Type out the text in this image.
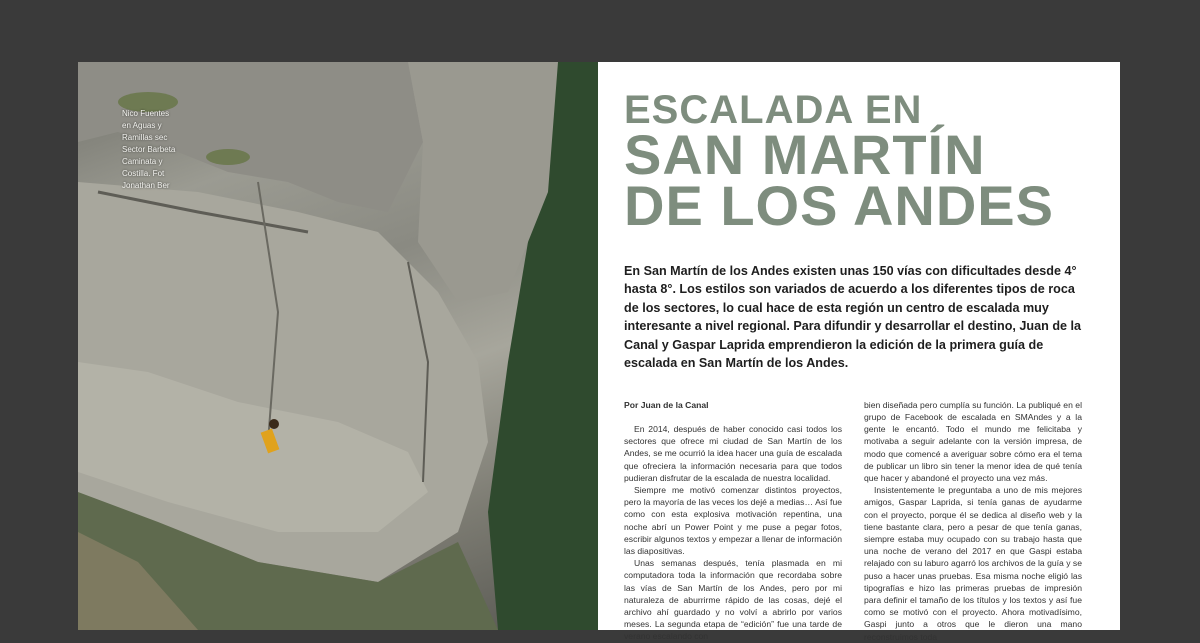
Nico Fuentes
en Aguas y
Ramillas sec
Sector Barbeta
Caminata y
Costilla. Fot
Jonathan Ber
ESCALADA EN
SAN MARTÍN
DE LOS ANDES
En San Martín de los Andes existen unas 150 vías con dificultades desde 4° hasta 8°. Los estilos son variados de acuerdo a los diferentes tipos de roca de los sectores, lo cual hace de esta región un centro de escalada muy interesante a nivel regional. Para difundir y desarrollar el destino, Juan de la Canal y Gaspar Laprida emprendieron la edición de la primera guía de escalada en San Martín de los Andes.
Por Juan de la Canal

En 2014, después de haber conocido casi todos los sectores que ofrece mi ciudad de San Martín de los Andes, se me ocurrió la idea hacer una guía de escalada que ofreciera la información necesaria para que todos pudieran disfrutar de la escalada de nuestra localidad.

Siempre me motivó comenzar distintos proyectos, pero la mayoría de las veces los dejé a medias… Así fue como con esta explosiva motivación repentina, una noche abrí un Power Point y me puse a pegar fotos, escribir algunos textos y empezar a llenar de información las diapositivas.

Unas semanas después, tenía plasmada en mi computadora toda la información que recordaba sobre las vías de San Martín de los Andes, pero por mi naturaleza de aburrirme rápido de las cosas, dejé el archivo ahí guardado y no volví a abrirlo por varios meses. La segunda etapa de “edición” fue una tarde de verano escalando con

bien diseñada pero cumplía su función. La publiqué en el grupo de Facebook de escalada en SMAndes y a la gente le encantó. Todo el mundo me felicitaba y motivaba a seguir adelante con la versión impresa, de modo que comencé a averiguar sobre cómo era el tema de publicar un libro sin tener la menor idea de qué tenía que hacer y abandoné el proyecto una vez más.

Insistentemente le preguntaba a uno de mis mejores amigos, Gaspar Laprida, si tenía ganas de ayudarme con el proyecto, porque él se dedica al diseño web y la tiene bastante clara, pero a pesar de que tenía ganas, siempre estaba muy ocupado con su trabajo hasta que una noche de verano del 2017 en que Gaspi estaba relajado con su laburo agarró los archivos de la guía y se puso a hacer unas pruebas. Esa misma noche eligió las tipografías e hizo las primeras pruebas de impresión para definir el tamaño de los títulos y los textos y así fue como se motivó con el proyecto. Ahora motivadísimo, Gaspi junto a otros que le dieron una mano reconstruimos toda
